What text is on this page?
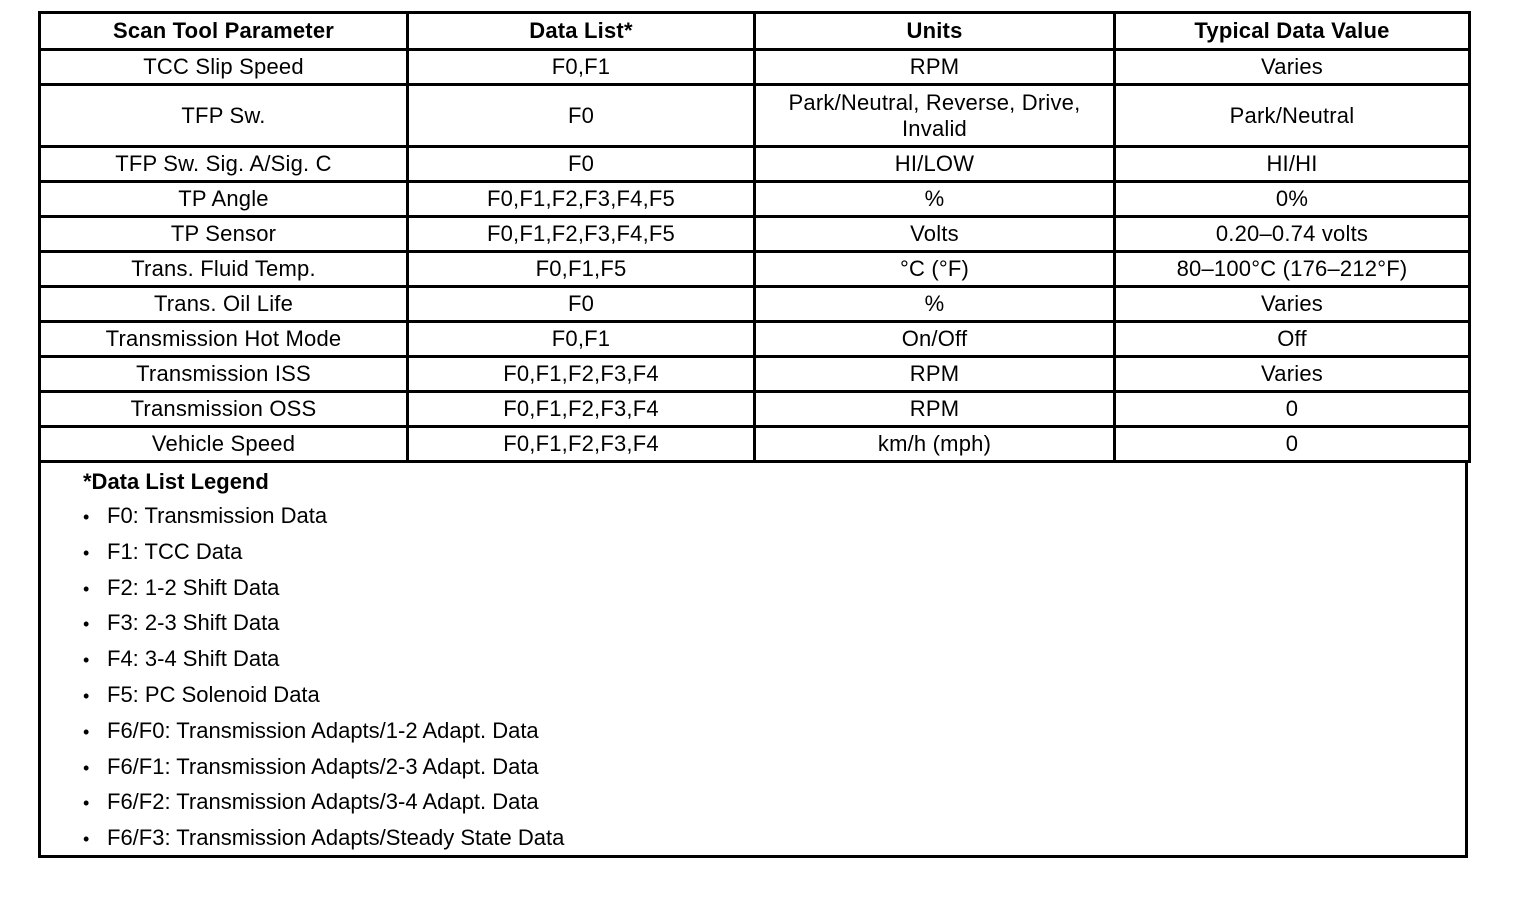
Scan Tool Parameter	Data List*	Units	Typical Data Value
TCC Slip Speed	F0,F1	RPM	Varies
TFP Sw.	F0	Park/Neutral, Reverse, Drive, Invalid	Park/Neutral
TFP Sw. Sig. A/Sig. C	F0	HI/LOW	HI/HI
TP Angle	F0,F1,F2,F3,F4,F5	%	0%
TP Sensor	F0,F1,F2,F3,F4,F5	Volts	0.20–0.74 volts
Trans. Fluid Temp.	F0,F1,F5	°C (°F)	80–100°C (176–212°F)
Trans. Oil Life	F0	%	Varies
Transmission Hot Mode	F0,F1	On/Off	Off
Transmission ISS	F0,F1,F2,F3,F4	RPM	Varies
Transmission OSS	F0,F1,F2,F3,F4	RPM	0
Vehicle Speed	F0,F1,F2,F3,F4	km/h (mph)	0
*Data List Legend
• F0: Transmission Data
• F1: TCC Data
• F2: 1-2 Shift Data
• F3: 2-3 Shift Data
• F4: 3-4 Shift Data
• F5: PC Solenoid Data
• F6/F0: Transmission Adapts/1-2 Adapt. Data
• F6/F1: Transmission Adapts/2-3 Adapt. Data
• F6/F2: Transmission Adapts/3-4 Adapt. Data
• F6/F3: Transmission Adapts/Steady State Data
